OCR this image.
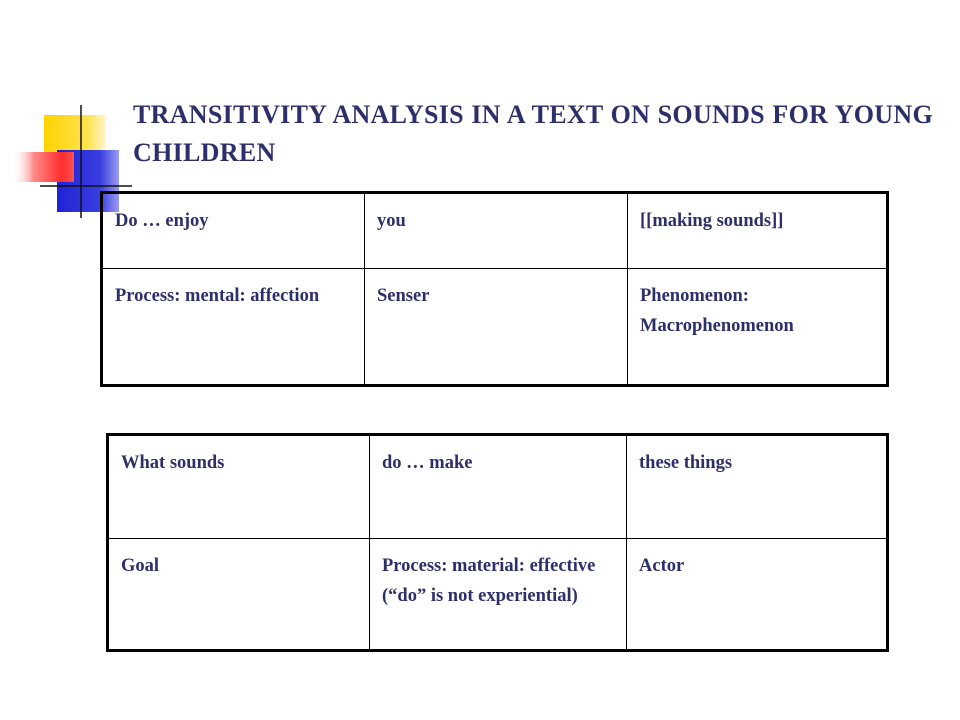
TRANSITIVITY ANALYSIS IN A TEXT ON SOUNDS FOR YOUNG CHILDREN
Do … enjoy	you	[[making sounds]]
Process: mental: affection	Senser	Phenomenon: Macrophenomenon
What sounds	do … make	these things
Goal	Process: material: effective (“do” is not experiential)	Actor
